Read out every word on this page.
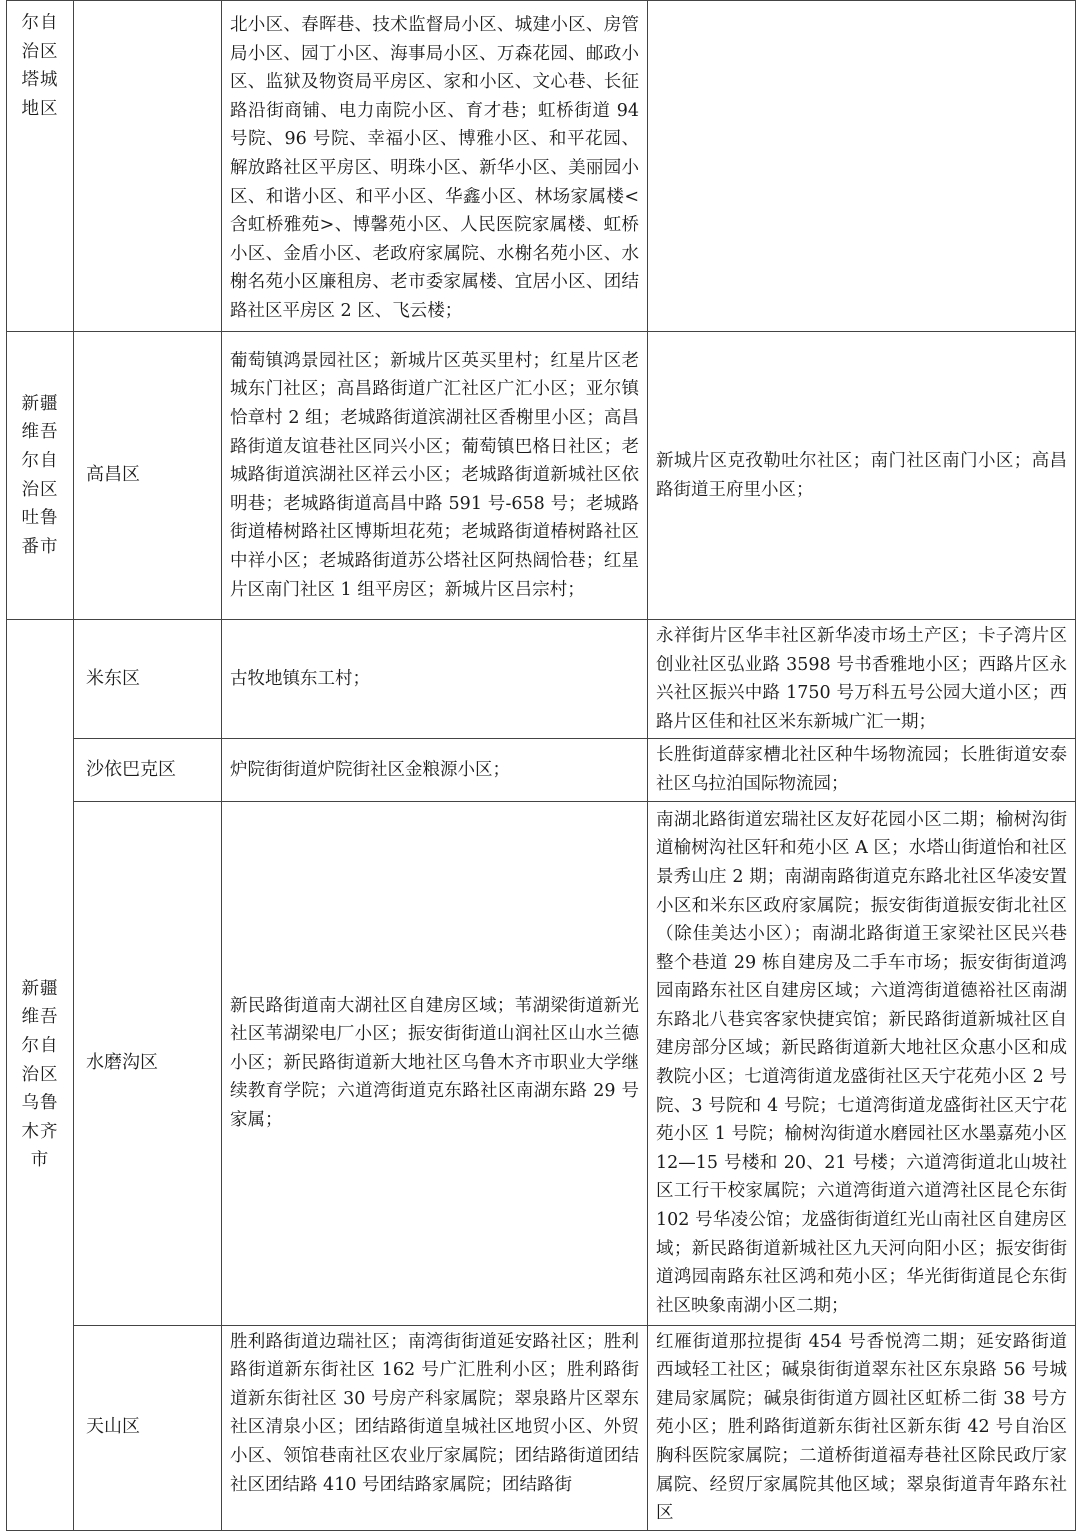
尔自治区塔城地区		北小区、春晖巷、技术监督局小区、城建小区、房管局小区、园丁小区、海事局小区、万森花园、邮政小区、监狱及物资局平房区、家和小区、文心巷、长征路沿街商铺、电力南院小区、育才巷；虹桥街道 94 号院、96 号院、幸福小区、博雅小区、和平花园、解放路社区平房区、明珠小区、新华小区、美丽园小区、和谐小区、和平小区、华鑫小区、林场家属楼<含虹桥雅苑>、博馨苑小区、人民医院家属楼、虹桥小区、金盾小区、老政府家属院、水榭名苑小区、水榭名苑小区廉租房、老市委家属楼、宜居小区、团结路社区平房区 2 区、飞云楼；	
新疆维吾尔自治区吐鲁番市	高昌区	葡萄镇鸿景园社区；新城片区英买里村；红星片区老城东门社区；高昌路街道广汇社区广汇小区；亚尔镇恰章村 2 组；老城路街道滨湖社区香榭里小区；高昌路街道友谊巷社区同兴小区；葡萄镇巴格日社区；老城路街道滨湖社区祥云小区；老城路街道新城社区依明巷；老城路街道高昌中路 591 号-658 号；老城路街道椿树路社区博斯坦花苑；老城路街道椿树路社区中祥小区；老城路街道苏公塔社区阿热阔恰巷；红星片区南门社区 1 组平房区；新城片区吕宗村；	新城片区克孜勒吐尔社区；南门社区南门小区；高昌路街道王府里小区；
新疆维吾尔自治区乌鲁木齐市	米东区	古牧地镇东工村；	永祥街片区华丰社区新华凌市场土产区；卡子湾片区创业社区弘业路 3598 号书香雅地小区；西路片区永兴社区振兴中路 1750 号万科五号公园大道小区；西路片区佳和社区米东新城广汇一期；
	沙依巴克区	炉院街街道炉院街社区金粮源小区；	长胜街道薛家槽北社区种牛场物流园；长胜街道安泰社区乌拉泊国际物流园；
	水磨沟区	新民路街道南大湖社区自建房区域；苇湖梁街道新光社区苇湖梁电厂小区；振安街街道山润社区山水兰德小区；新民路街道新大地社区乌鲁木齐市职业大学继续教育学院；六道湾街道克东路社区南湖东路 29 号家属；	南湖北路街道宏瑞社区友好花园小区二期；榆树沟街道榆树沟社区轩和苑小区 A 区；水塔山街道怡和社区景秀山庄 2 期；南湖南路街道克东路北社区华凌安置小区和米东区政府家属院；振安街街道振安街北社区（除佳美达小区）；南湖北路街道王家梁社区民兴巷整个巷道 29 栋自建房及二手车市场；振安街街道鸿园南路东社区自建房区域；六道湾街道德裕社区南湖东路北八巷宾客家快捷宾馆；新民路街道新城社区自建房部分区域；新民路街道新大地社区众惠小区和成教院小区；七道湾街道龙盛街社区天宁花苑小区 2 号院、3 号院和 4 号院；七道湾街道龙盛街社区天宁花苑小区 1 号院；榆树沟街道水磨园社区水墨嘉苑小区 12—15 号楼和 20、21 号楼；六道湾街道北山坡社区工行干校家属院；六道湾街道六道湾社区昆仑东街 102 号华凌公馆；龙盛街街道红光山南社区自建房区域；新民路街道新城社区九天河向阳小区；振安街街道鸿园南路东社区鸿和苑小区；华光街街道昆仑东街社区映象南湖小区二期；
	天山区	胜利路街道边瑞社区；南湾街街道延安路社区；胜利路街道新东街社区 162 号广汇胜利小区；胜利路街道新东街社区 30 号房产科家属院；翠泉路片区翠东社区清泉小区；团结路街道皇城社区地贸小区、外贸小区、领馆巷南社区农业厅家属院；团结路街道团结社区团结路 410 号团结路家属院；团结路街	红雁街道那拉提街 454 号香悦湾二期；延安路街道西域轻工社区；碱泉街街道翠东社区东泉路 56 号城建局家属院；碱泉街街道方圆社区虹桥二街 38 号方苑小区；胜利路街道新东街社区新东街 42 号自治区胸科医院家属院；二道桥街道福寿巷社区除民政厅家属院、经贸厅家属院其他区域；翠泉街道青年路东社区
